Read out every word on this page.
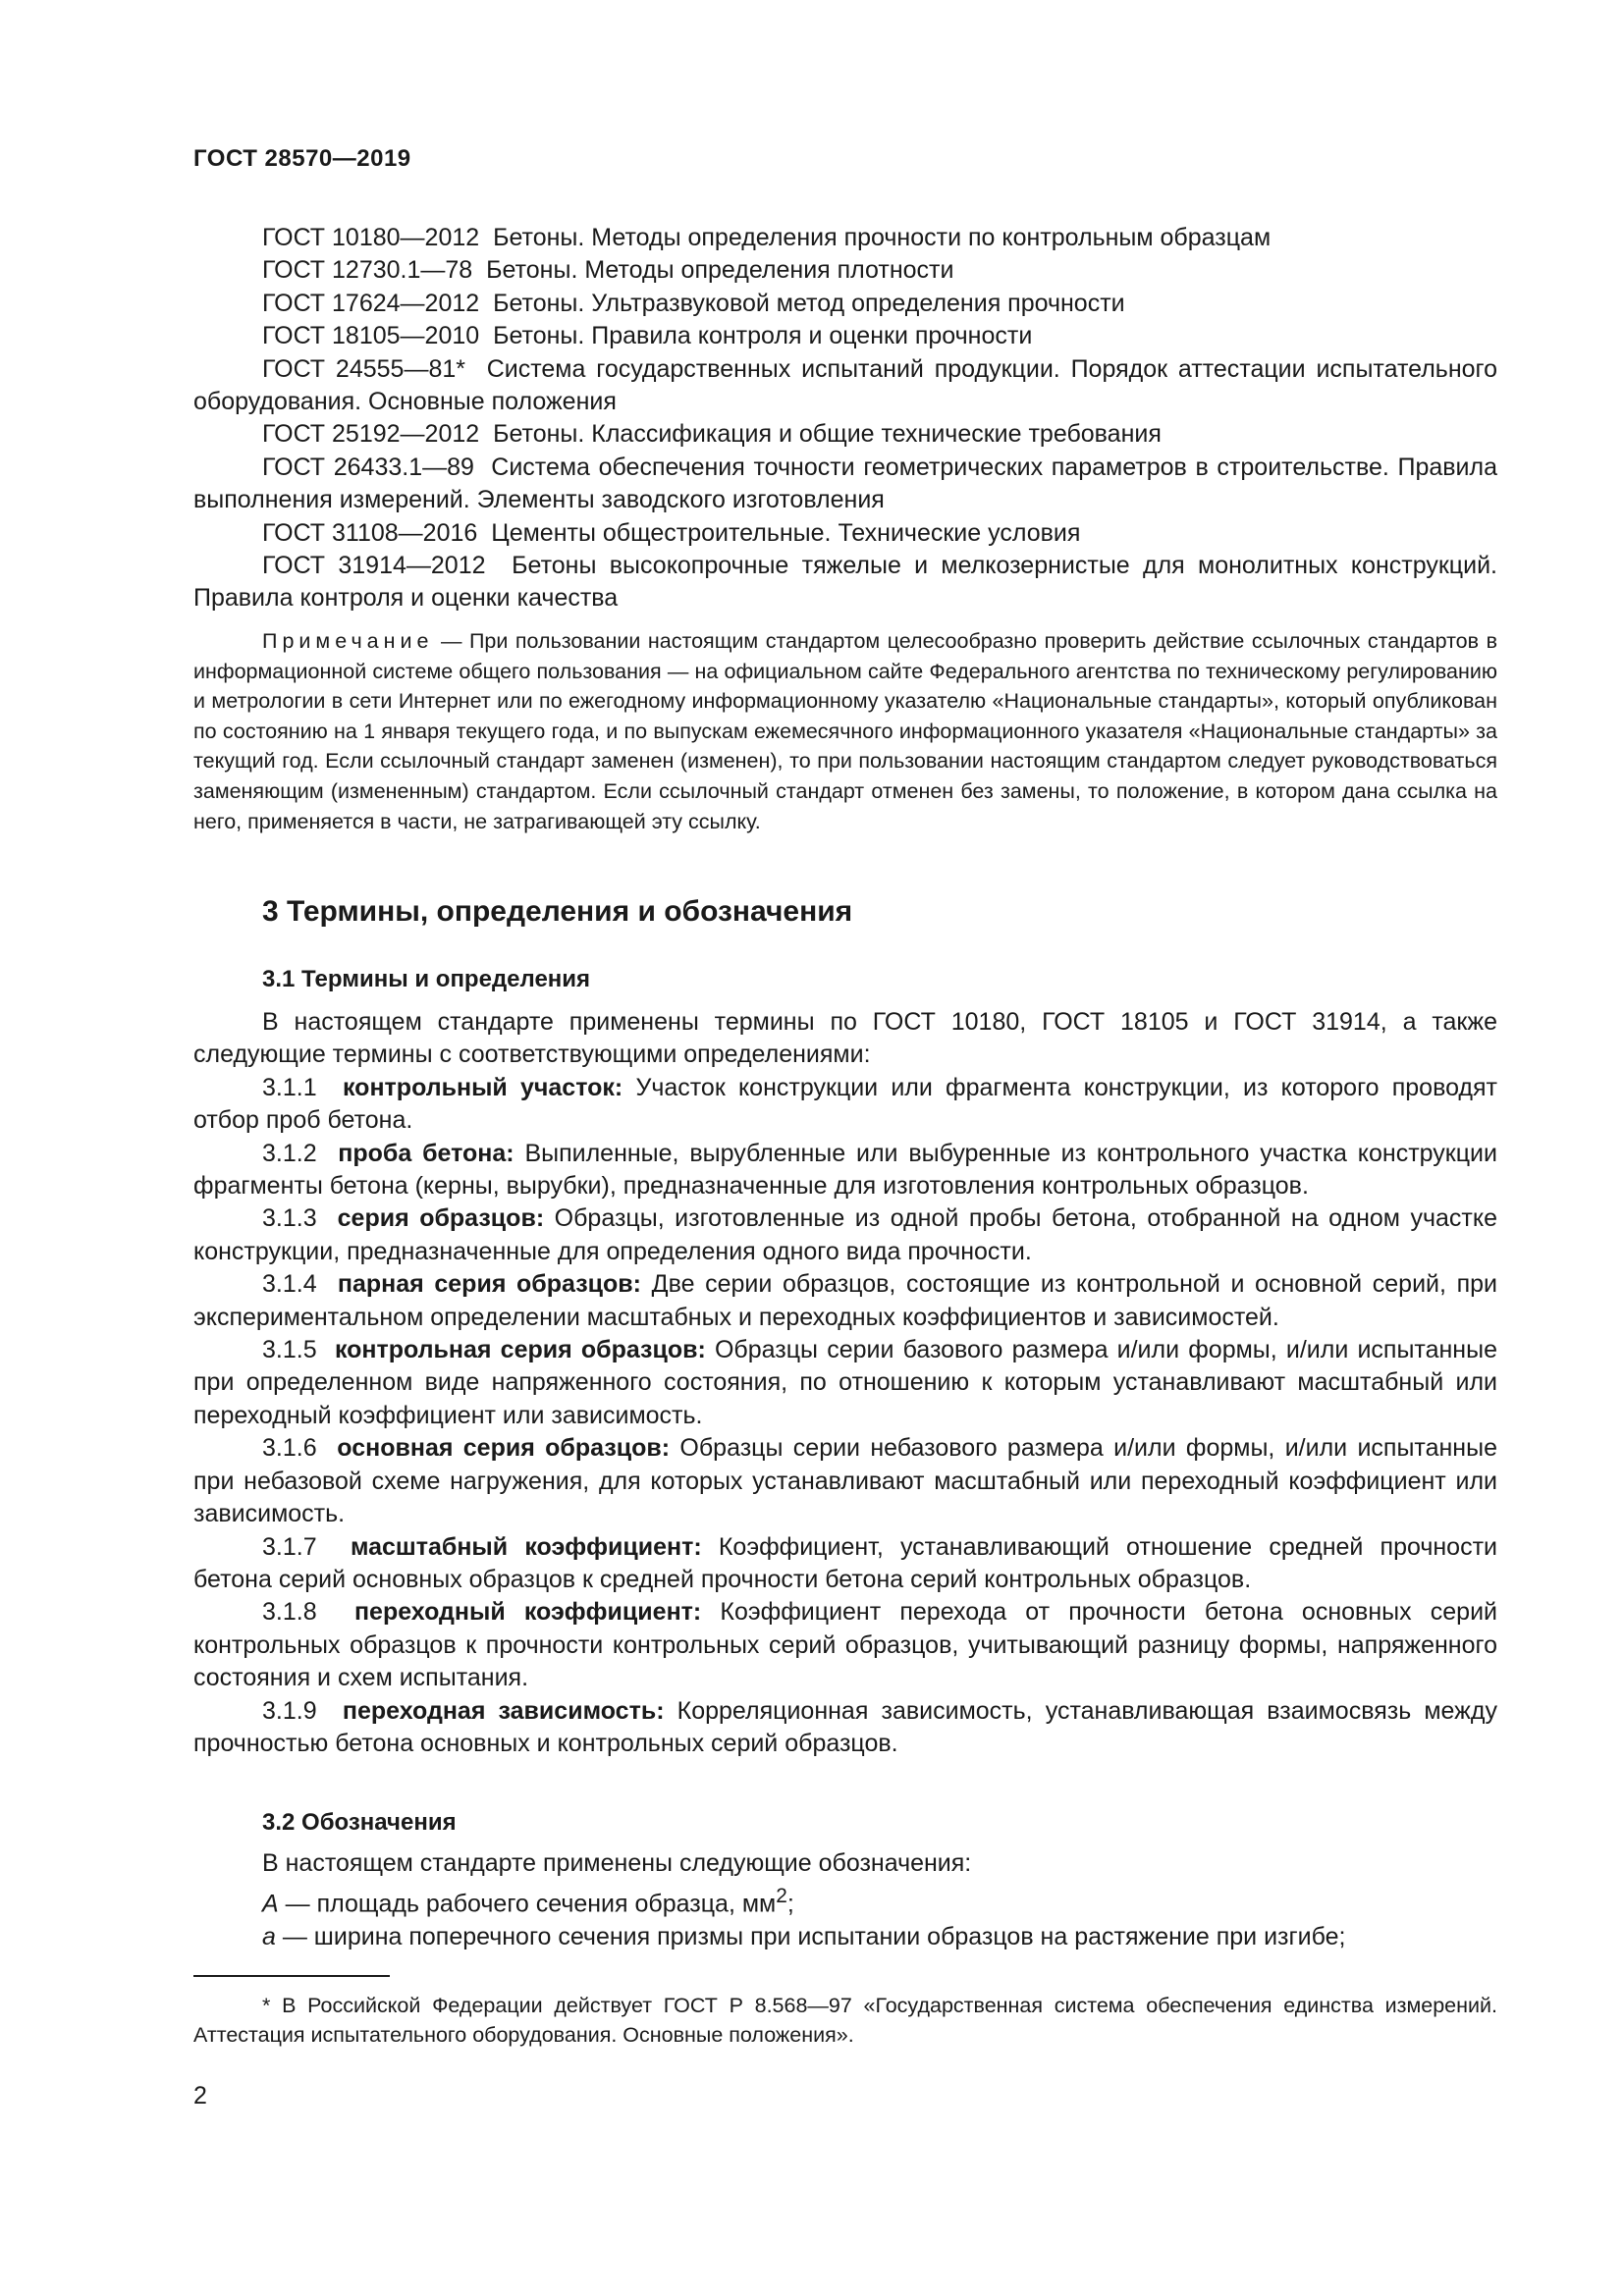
ГОСТ 28570—2019

ГОСТ 10180—2012 Бетоны. Методы определения прочности по контрольным образцам

ГОСТ 12730.1—78 Бетоны. Методы определения плотности

ГОСТ 17624—2012 Бетоны. Ультразвуковой метод определения прочности

ГОСТ 18105—2010 Бетоны. Правила контроля и оценки прочности

ГОСТ 24555—81* Система государственных испытаний продукции. Порядок аттестации испытательного оборудования. Основные положения

ГОСТ 25192—2012 Бетоны. Классификация и общие технические требования

ГОСТ 26433.1—89 Система обеспечения точности геометрических параметров в строительстве. Правила выполнения измерений. Элементы заводского изготовления

ГОСТ 31108—2016 Цементы общестроительные. Технические условия

ГОСТ 31914—2012 Бетоны высокопрочные тяжелые и мелкозернистые для монолитных конструкций. Правила контроля и оценки качества

Примечание — При пользовании настоящим стандартом целесообразно проверить действие ссылочных стандартов в информационной системе общего пользования — на официальном сайте Федерального агентства по техническому регулированию и метрологии в сети Интернет или по ежегодному информационному указателю «Национальные стандарты», который опубликован по состоянию на 1 января текущего года, и по выпускам ежемесячного информационного указателя «Национальные стандарты» за текущий год. Если ссылочный стандарт заменен (изменен), то при пользовании настоящим стандартом следует руководствоваться заменяющим (измененным) стандартом. Если ссылочный стандарт отменен без замены, то положение, в котором дана ссылка на него, применяется в части, не затрагивающей эту ссылку.

3 Термины, определения и обозначения
3.1 Термины и определения

В настоящем стандарте применены термины по ГОСТ 10180, ГОСТ 18105 и ГОСТ 31914, а также следующие термины с соответствующими определениями:

3.1.1 контрольный участок: Участок конструкции или фрагмента конструкции, из которого проводят отбор проб бетона.

3.1.2 проба бетона: Выпиленные, вырубленные или выбуренные из контрольного участка конструкции фрагменты бетона (керны, вырубки), предназначенные для изготовления контрольных образцов.

3.1.3 серия образцов: Образцы, изготовленные из одной пробы бетона, отобранной на одном участке конструкции, предназначенные для определения одного вида прочности.

3.1.4 парная серия образцов: Две серии образцов, состоящие из контрольной и основной серий, при экспериментальном определении масштабных и переходных коэффициентов и зависимостей.

3.1.5 контрольная серия образцов: Образцы серии базового размера и/или формы, и/или испытанные при определенном виде напряженного состояния, по отношению к которым устанавливают масштабный или переходный коэффициент или зависимость.

3.1.6 основная серия образцов: Образцы серии небазового размера и/или формы, и/или испытанные при небазовой схеме нагружения, для которых устанавливают масштабный или переходный коэффициент или зависимость.

3.1.7 масштабный коэффициент: Коэффициент, устанавливающий отношение средней прочности бетона серий основных образцов к средней прочности бетона серий контрольных образцов.

3.1.8 переходный коэффициент: Коэффициент перехода от прочности бетона основных серий контрольных образцов к прочности контрольных серий образцов, учитывающий разницу формы, напряженного состояния и схем испытания.

3.1.9 переходная зависимость: Корреляционная зависимость, устанавливающая взаимосвязь между прочностью бетона основных и контрольных серий образцов.

3.2 Обозначения

В настоящем стандарте применены следующие обозначения:

A — площадь рабочего сечения образца, $мм^2$;

a — ширина поперечного сечения призмы при испытании образцов на растяжение при изгибе;

* В Российской Федерации действует ГОСТ Р 8.568—97 «Государственная система обеспечения единства измерений. Аттестация испытательного оборудования. Основные положения».

2
